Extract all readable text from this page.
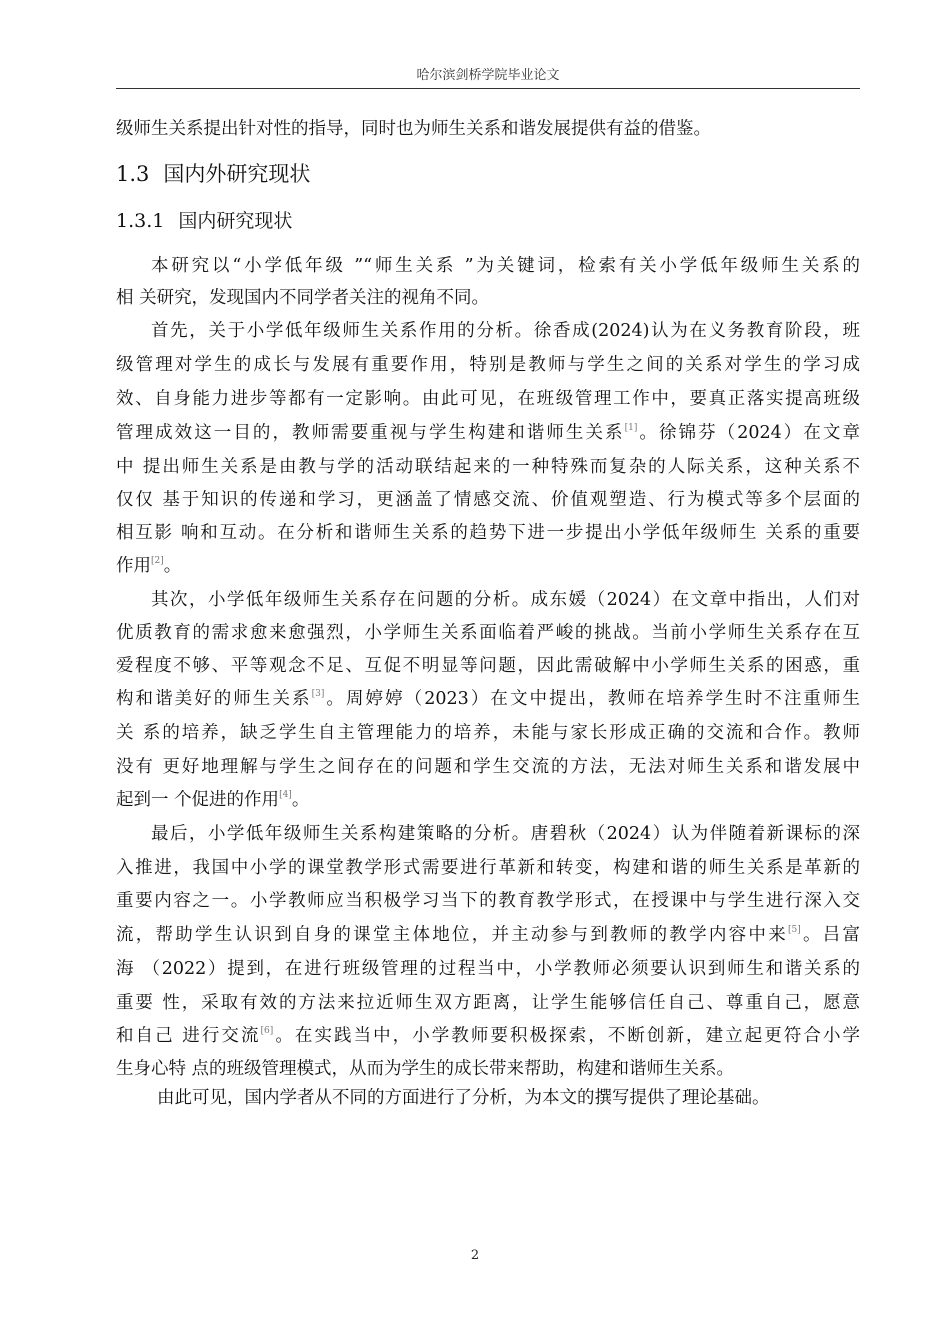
哈尔滨剑桥学院毕业论文
级师生关系提出针对性的指导，同时也为师生关系和谐发展提供有益的借鉴。
1.3 国内外研究现状
1.3.1 国内研究现状
本研究以“小学低年级 ”“师生关系 ”为关键词，检索有关小学低年级师生关系的
相 关研究，发现国内不同学者关注的视角不同。
首先，关于小学低年级师生关系作用的分析。徐香成(2024)认为在义务教育阶段，班
级管理对学生的成长与发展有重要作用，特别是教师与学生之间的关系对学生的学习成
效、自身能力进步等都有一定影响。由此可见，在班级管理工作中，要真正落实提高班级
管理成效这一目的，教师需要重视与学生构建和谐师生关系[1]。徐锦芬（2024）在文章
中 提出师生关系是由教与学的活动联结起来的一种特殊而复杂的人际关系，这种关系不
仅仅 基于知识的传递和学习，更涵盖了情感交流、价值观塑造、行为模式等多个层面的
相互影 响和互动。在分析和谐师生关系的趋势下进一步提出小学低年级师生 关系的重要
作用[2]。
其次，小学低年级师生关系存在问题的分析。成东媛（2024）在文章中指出，人们对
优质教育的需求愈来愈强烈，小学师生关系面临着严峻的挑战。当前小学师生关系存在互
爱程度不够、平等观念不足、互促不明显等问题，因此需破解中小学师生关系的困惑，重
构和谐美好的师生关系[3]。周婷婷（2023）在文中提出，教师在培养学生时不注重师生
关 系的培养，缺乏学生自主管理能力的培养，未能与家长形成正确的交流和合作。教师
没有 更好地理解与学生之间存在的问题和学生交流的方法，无法对师生关系和谐发展中
起到一 个促进的作用[4]。
最后，小学低年级师生关系构建策略的分析。唐碧秋（2024）认为伴随着新课标的深
入推进，我国中小学的课堂教学形式需要进行革新和转变，构建和谐的师生关系是革新的
重要内容之一。小学教师应当积极学习当下的教育教学形式，在授课中与学生进行深入交
流，帮助学生认识到自身的课堂主体地位，并主动参与到教师的教学内容中来[5]。吕富
海 （2022）提到，在进行班级管理的过程当中，小学教师必须要认识到师生和谐关系的
重要 性，采取有效的方法来拉近师生双方距离，让学生能够信任自己、尊重自己，愿意
和自己 进行交流[6]。在实践当中，小学教师要积极探索，不断创新，建立起更符合小学
生身心特 点的班级管理模式，从而为学生的成长带来帮助，构建和谐师生关系。
由此可见，国内学者从不同的方面进行了分析，为本文的撰写提供了理论基础。
2
